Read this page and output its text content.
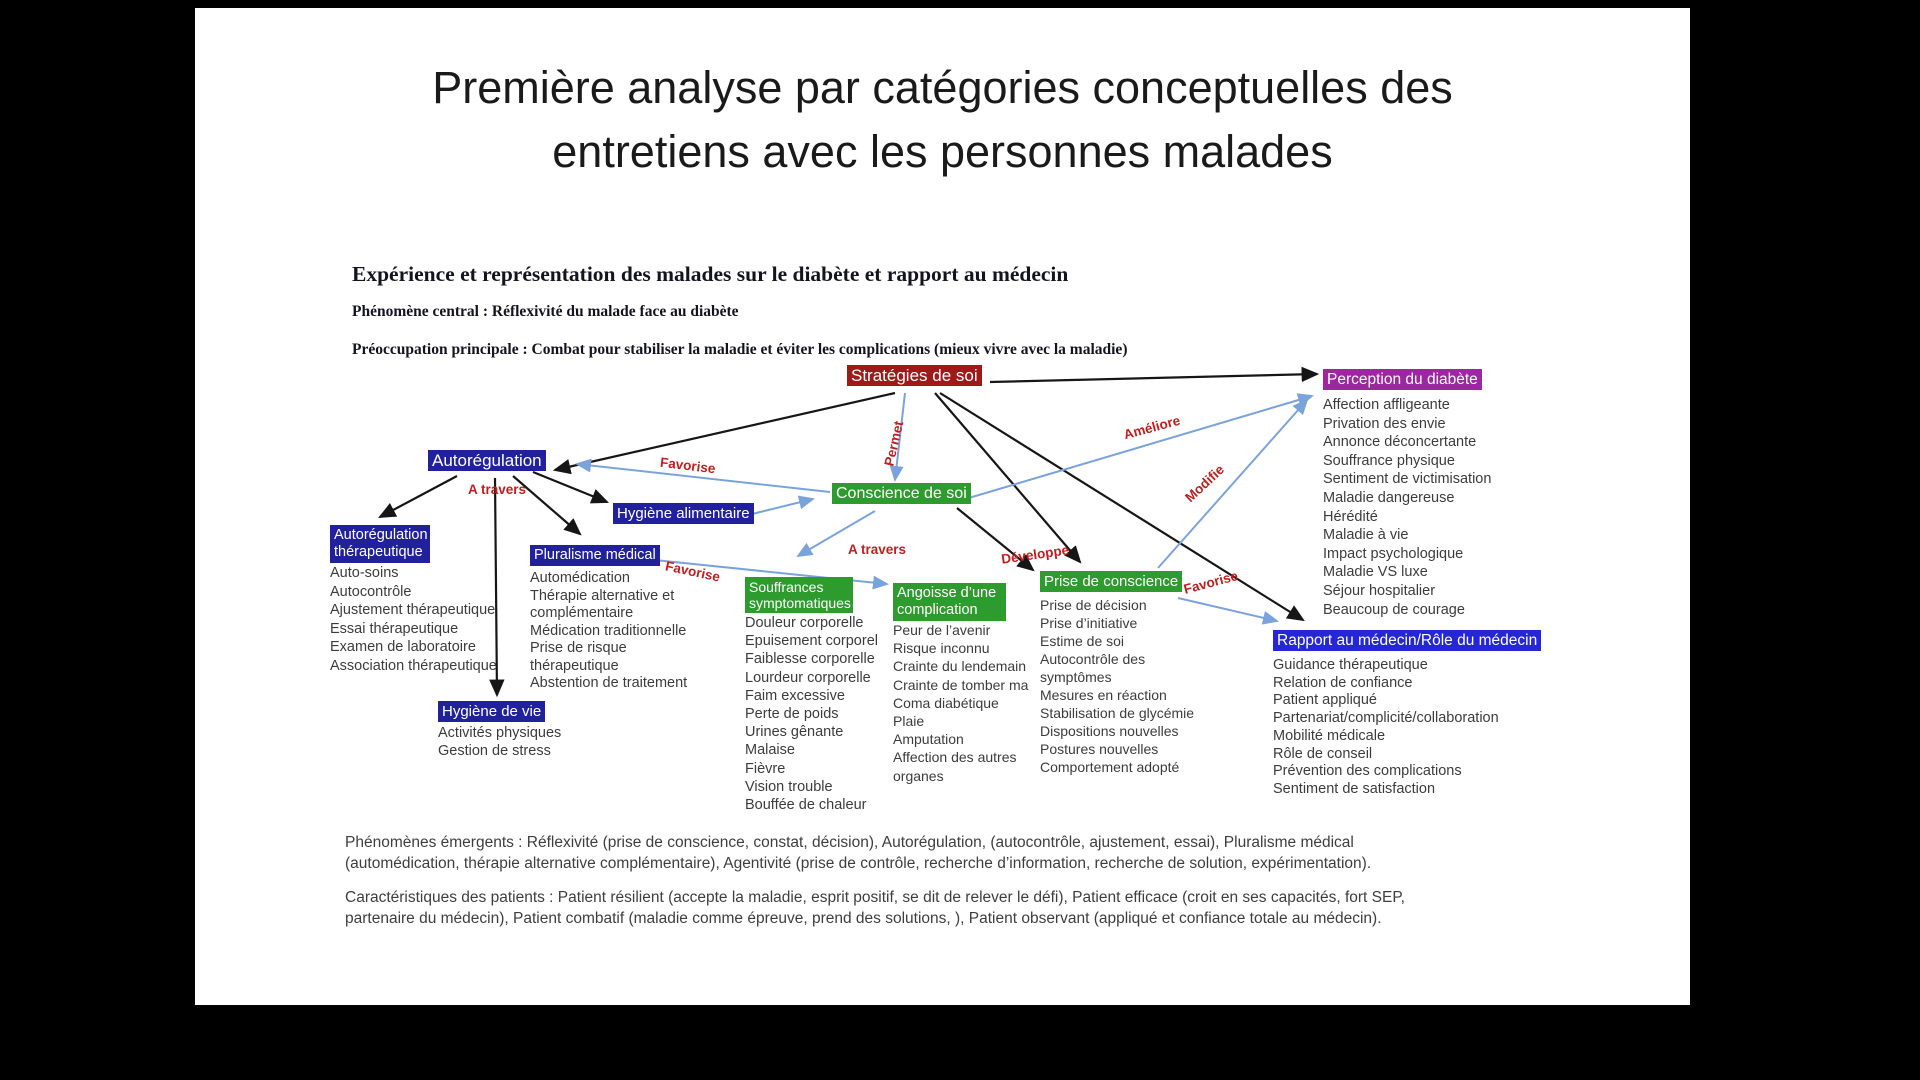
Première analyse par catégories conceptuelles des
entretiens avec les personnes malades
Expérience et représentation des malades sur le diabète et rapport au médecin
Phénomène central : Réflexivité du malade face au diabète
Préoccupation principale : Combat pour stabiliser la maladie et éviter les complications (mieux vivre avec la maladie)
Stratégies de soi
Autorégulation
Hygiène alimentaire
Conscience de soi
Autorégulation thérapeutique
Auto-soins
Autocontrôle
Ajustement thérapeutique
Essai thérapeutique
Examen de laboratoire
Association thérapeutique
Pluralisme médical
Automédication
Thérapie alternative et complémentaire
Médication traditionnelle
Prise de risque thérapeutique
Abstention de traitement
Hygiène de vie
Activités physiques
Gestion de stress
Souffrances symptomatiques
Douleur corporelle
Epuisement corporel
Faiblesse corporelle
Lourdeur corporelle
Faim excessive
Perte de poids
Urines gênante
Malaise
Fièvre
Vision trouble
Bouffée de chaleur
Angoisse d’une complication
Peur de l’avenir
Risque inconnu
Crainte du lendemain
Crainte de tomber ma
Coma diabétique
Plaie
Amputation
Affection des autres organes
Prise de conscience
Prise de décision
Prise d’initiative
Estime de soi
Autocontrôle des symptômes
Mesures en réaction
Stabilisation de glycémie
Dispositions nouvelles
Postures nouvelles
Comportement adopté
Perception du diabète
Affection affligeante
Privation des envie
Annonce déconcertante
Souffrance physique
Sentiment de victimisation
Maladie dangereuse
Hérédité
Maladie à vie
Impact psychologique
Maladie VS luxe
Séjour hospitalier
Beaucoup de courage
Rapport au médecin/Rôle du médecin
Guidance thérapeutique
Relation de confiance
Patient appliqué
Partenariat/complicité/collaboration
Mobilité médicale
Rôle de conseil
Prévention des complications
Sentiment de satisfaction
Permet
Favorise
A travers
Favorise
A travers	Développe
Améliore
Modifie
Favorise
Phénomènes émergents : Réflexivité (prise de conscience, constat, décision), Autorégulation, (autocontrôle, ajustement, essai), Pluralisme médical (automédication, thérapie alternative complémentaire), Agentivité (prise de contrôle, recherche d’information, recherche de solution, expérimentation).
Caractéristiques des patients : Patient résilient (accepte la maladie, esprit positif, se dit de relever le défi), Patient efficace (croit en ses capacités, fort SEP, partenaire du médecin), Patient combatif (maladie comme épreuve, prend des solutions, ), Patient observant (appliqué et confiance totale au médecin).
